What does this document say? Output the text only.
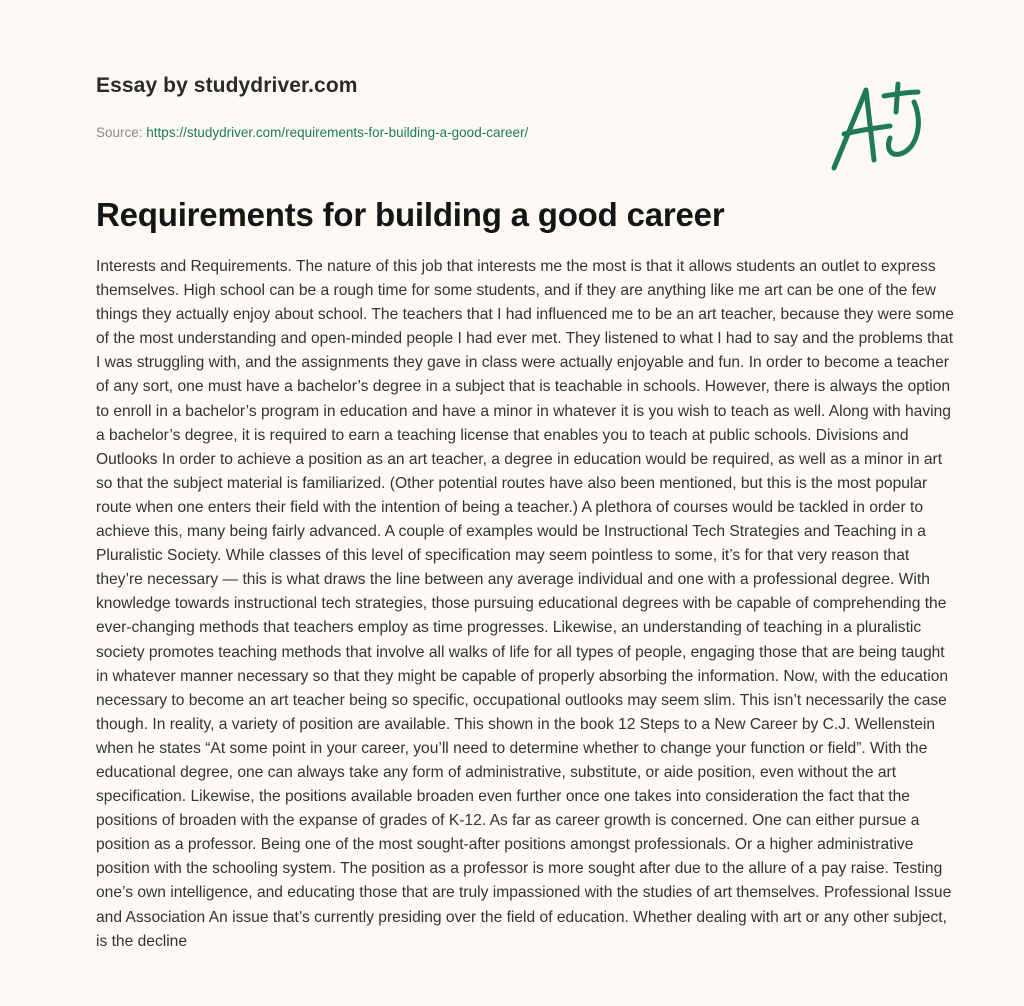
Essay by studydriver.com
Source: https://studydriver.com/requirements-for-building-a-good-career/
Requirements for building a good career

Interests and Requirements. The nature of this job that interests me the most is that it allows students an outlet to express themselves. High school can be a rough time for some students, and if they are anything like me art can be one of the few things they actually enjoy about school. The teachers that I had influenced me to be an art teacher, because they were some of the most understanding and open-minded people I had ever met. They listened to what I had to say and the problems that I was struggling with, and the assignments they gave in class were actually enjoyable and fun. In order to become a teacher of any sort, one must have a bachelor’s degree in a subject that is teachable in schools. However, there is always the option to enroll in a bachelor’s program in education and have a minor in whatever it is you wish to teach as well. Along with having a bachelor’s degree, it is required to earn a teaching license that enables you to teach at public schools. Divisions and Outlooks In order to achieve a position as an art teacher, a degree in education would be required, as well as a minor in art so that the subject material is familiarized. (Other potential routes have also been mentioned, but this is the most popular route when one enters their field with the intention of being a teacher.) A plethora of courses would be tackled in order to achieve this, many being fairly advanced. A couple of examples would be Instructional Tech Strategies and Teaching in a Pluralistic Society. While classes of this level of specification may seem pointless to some, it’s for that very reason that they’re necessary — this is what draws the line between any average individual and one with a professional degree. With knowledge towards instructional tech strategies, those pursuing educational degrees with be capable of comprehending the ever-changing methods that teachers employ as time progresses. Likewise, an understanding of teaching in a pluralistic society promotes teaching methods that involve all walks of life for all types of people, engaging those that are being taught in whatever manner necessary so that they might be capable of properly absorbing the information. Now, with the education necessary to become an art teacher being so specific, occupational outlooks may seem slim. This isn’t necessarily the case though. In reality, a variety of position are available. This shown in the book 12 Steps to a New Career by C.J. Wellenstein when he states “At some point in your career, you’ll need to determine whether to change your function or field”. With the educational degree, one can always take any form of administrative, substitute, or aide position, even without the art specification. Likewise, the positions available broaden even further once one takes into consideration the fact that the positions of broaden with the expanse of grades of K-12. As far as career growth is concerned. One can either pursue a position as a professor. Being one of the most sought-after positions amongst professionals. Or a higher administrative position with the schooling system. The position as a professor is more sought after due to the allure of a pay raise. Testing one’s own intelligence, and educating those that are truly impassioned with the studies of art themselves. Professional Issue and Association An issue that’s currently presiding over the field of education. Whether dealing with art or any other subject, is the decline
